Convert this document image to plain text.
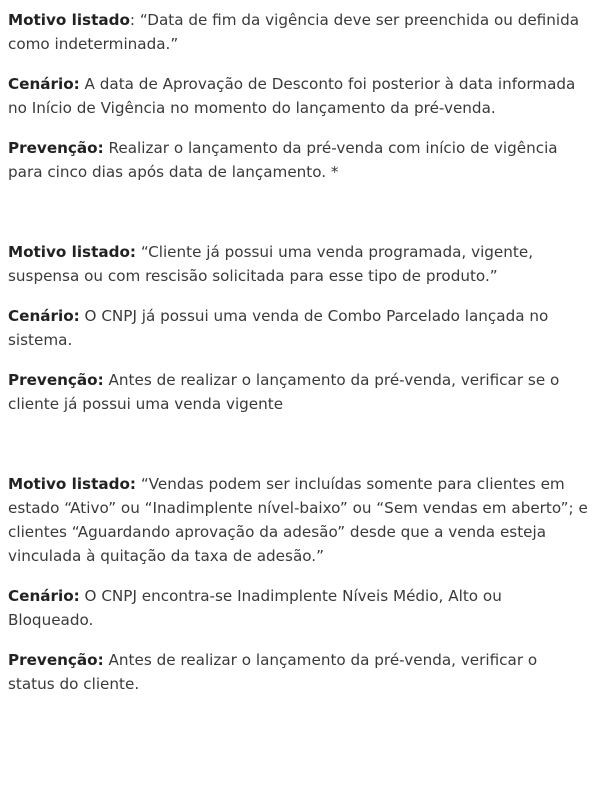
Motivo listado: “Data de fim da vigência deve ser preenchida ou definida como indeterminada.”

Cenário: A data de Aprovação de Desconto foi posterior à data informada no Início de Vigência no momento do lançamento da pré-venda.

Prevenção: Realizar o lançamento da pré-venda com início de vigência para cinco dias após data de lançamento. *

Motivo listado: “Cliente já possui uma venda programada, vigente, suspensa ou com rescisão solicitada para esse tipo de produto.”

Cenário: O CNPJ já possui uma venda de Combo Parcelado lançada no sistema.

Prevenção: Antes de realizar o lançamento da pré-venda, verificar se o cliente já possui uma venda vigente

Motivo listado: “Vendas podem ser incluídas somente para clientes em estado “Ativo” ou “Inadimplente nível-baixo” ou “Sem vendas em aberto”; e clientes “Aguardando aprovação da adesão” desde que a venda esteja vinculada à quitação da taxa de adesão.”

Cenário: O CNPJ encontra-se Inadimplente Níveis Médio, Alto ou Bloqueado.

Prevenção: Antes de realizar o lançamento da pré-venda, verificar o status do cliente.
